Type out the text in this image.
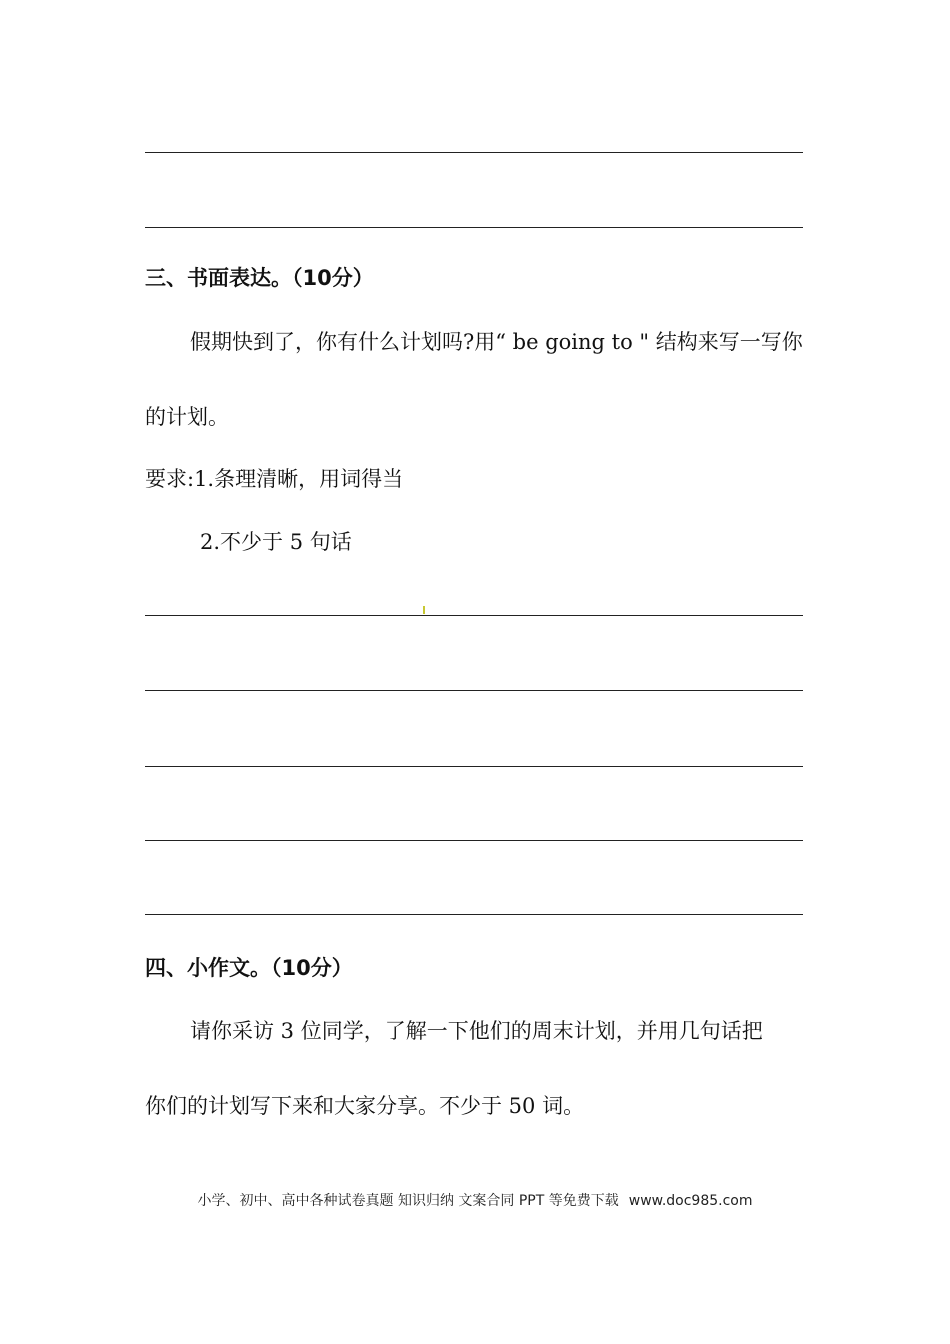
三、书面表达。（10分）
假期快到了，你有什么计划吗?用“ be going to " 结构来写一写你
的计划。
要求:1.条理清晰，用词得当
2.不少于 5 句话
四、小作文。（10分）
请你采访 3 位同学，了解一下他们的周末计划，并用几句话把
你们的计划写下来和大家分享。不少于 50 词。
小学、初中、高中各种试卷真题 知识归纳 文案合同 PPT 等免费下载 www.doc985.com
